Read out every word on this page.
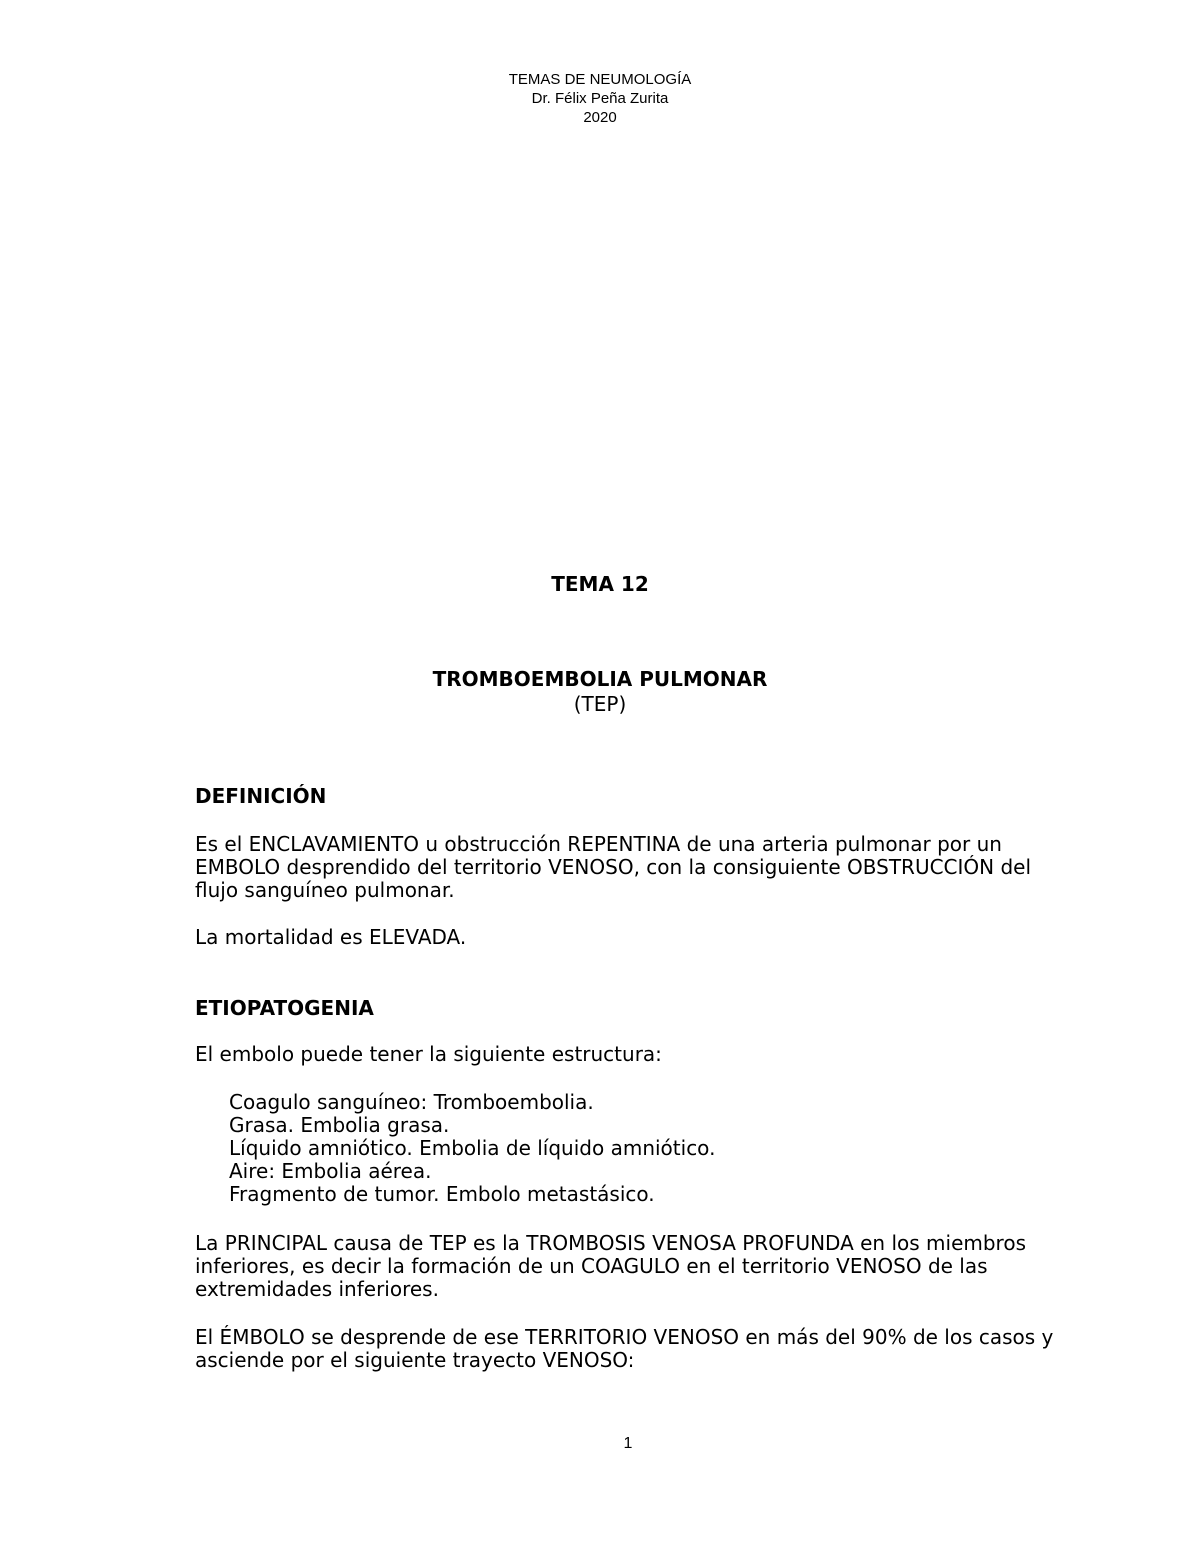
TEMAS DE NEUMOLOGÍA
Dr. Félix Peña Zurita
2020
TEMA 12
TROMBOEMBOLIA PULMONAR
(TEP)
DEFINICIÓN

Es el ENCLAVAMIENTO u obstrucción REPENTINA de una arteria pulmonar por un EMBOLO desprendido del territorio VENOSO, con la consiguiente OBSTRUCCIÓN del flujo sanguíneo pulmonar.

La mortalidad es ELEVADA.

ETIOPATOGENIA

El embolo puede tener la siguiente estructura:

Coagulo sanguíneo: Tromboembolia.
Grasa. Embolia grasa.
Líquido amniótico. Embolia de líquido amniótico.
Aire: Embolia aérea.
Fragmento de tumor. Embolo metastásico.

La PRINCIPAL causa de TEP es la TROMBOSIS VENOSA PROFUNDA en los miembros inferiores, es decir la formación de un COAGULO en el territorio VENOSO de las extremidades inferiores.

El ÉMBOLO se desprende de ese TERRITORIO VENOSO en más del 90% de los casos y asciende por el siguiente trayecto VENOSO:

1
